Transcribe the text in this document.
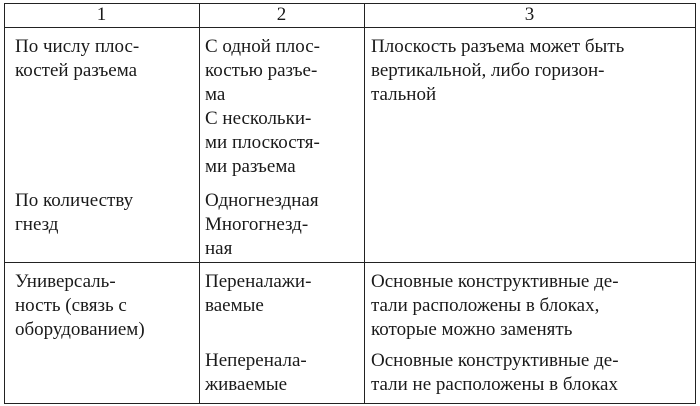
1	2	3
По числу плос-
костей разъема
По количеству
гнезд
С одной плос-
костью разъе-
ма
С нескольки-
ми плоскостя-
ми разъема
Одногнездная
Многогнезд-
ная
Плоскость разъема может быть
вертикальной, либо горизон-
тальной
Универсаль-
ность (связь с
оборудованием)
Переналажи-
ваемые
Неперенала-
живаемые
Основные конструктивные де-
тали расположены в блоках,
которые можно заменять
Основные конструктивные де-
тали не расположены в блоках
